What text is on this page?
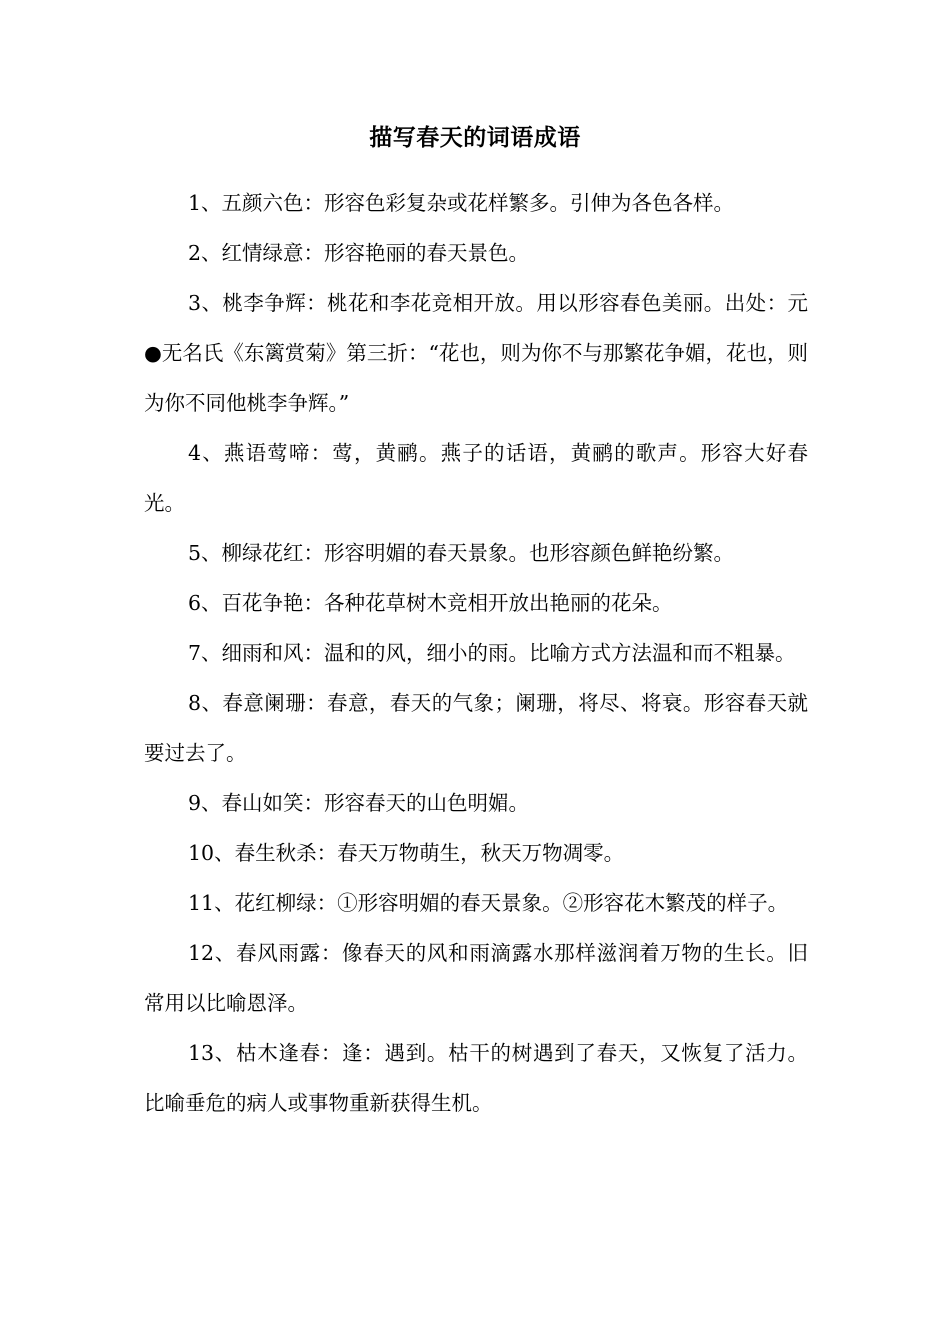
描写春天的词语成语

1、五颜六色：形容色彩复杂或花样繁多。引伸为各色各样。

2、红情绿意：形容艳丽的春天景色。

3、桃李争辉：桃花和李花竞相开放。用以形容春色美丽。出处：元●无名氏《东篱赏菊》第三折：“花也，则为你不与那繁花争媚，花也，则为你不同他桃李争辉。”

4、燕语莺啼：莺，黄鹂。燕子的话语，黄鹂的歌声。形容大好春光。

5、柳绿花红：形容明媚的春天景象。也形容颜色鲜艳纷繁。

6、百花争艳：各种花草树木竞相开放出艳丽的花朵。

7、细雨和风：温和的风，细小的雨。比喻方式方法温和而不粗暴。

8、春意阑珊：春意，春天的气象；阑珊，将尽、将衰。形容春天就要过去了。

9、春山如笑：形容春天的山色明媚。

10、春生秋杀：春天万物萌生，秋天万物凋零。

11、花红柳绿：①形容明媚的春天景象。②形容花木繁茂的样子。

12、春风雨露：像春天的风和雨滴露水那样滋润着万物的生长。旧常用以比喻恩泽。

13、枯木逢春：逢：遇到。枯干的树遇到了春天，又恢复了活力。比喻垂危的病人或事物重新获得生机。
